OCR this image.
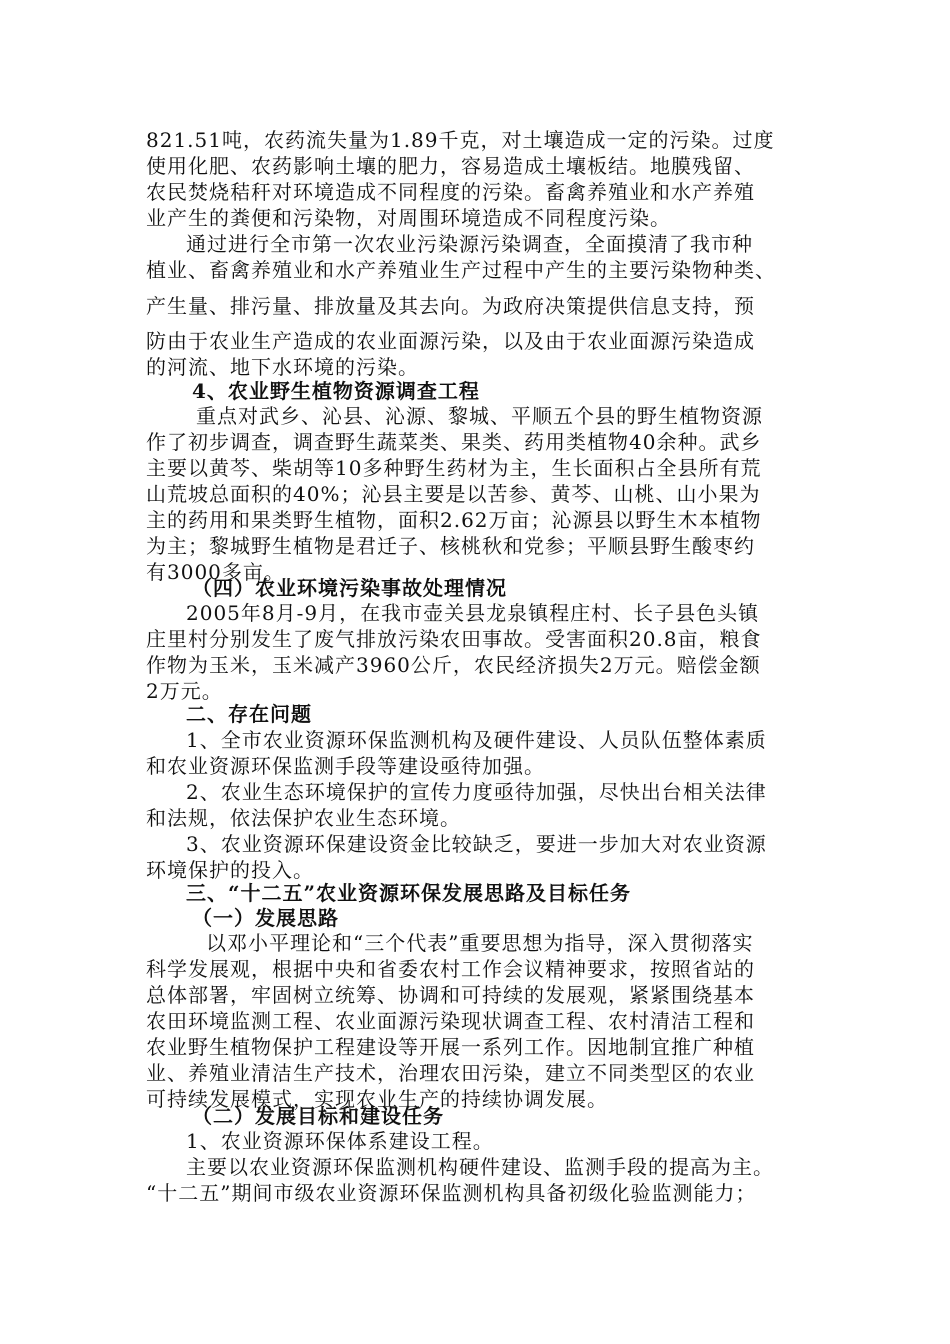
821.51吨，农药流失量为1.89千克，对土壤造成一定的污染。过度
使用化肥、农药影响土壤的肥力，容易造成土壤板结。地膜残留、
农民焚烧秸秆对环境造成不同程度的污染。畜禽养殖业和水产养殖
业产生的粪便和污染物，对周围环境造成不同程度污染。
通过进行全市第一次农业污染源污染调查，全面摸清了我市种
植业、畜禽养殖业和水产养殖业生产过程中产生的主要污染物种类、
产生量、排污量、排放量及其去向。为政府决策提供信息支持，预
防由于农业生产造成的农业面源污染，以及由于农业面源污染造成
的河流、地下水环境的污染。
4、农业野生植物资源调查工程
重点对武乡、沁县、沁源、黎城、平顺五个县的野生植物资源
作了初步调查，调查野生蔬菜类、果类、药用类植物40余种。武乡
主要以黄芩、柴胡等10多种野生药材为主，生长面积占全县所有荒
山荒坡总面积的40%；沁县主要是以苦参、黄芩、山桃、山小果为
主的药用和果类野生植物，面积2.62万亩；沁源县以野生木本植物
为主；黎城野生植物是君迁子、核桃秋和党参；平顺县野生酸枣约
有3000多亩。
（四）农业环境污染事故处理情况
2005年8月-9月，在我市壶关县龙泉镇程庄村、长子县色头镇
庄里村分别发生了废气排放污染农田事故。受害面积20.8亩，粮食
作物为玉米，玉米减产3960公斤，农民经济损失2万元。赔偿金额
2万元。
二、存在问题
1、全市农业资源环保监测机构及硬件建设、人员队伍整体素质
和农业资源环保监测手段等建设亟待加强。
2、农业生态环境保护的宣传力度亟待加强，尽快出台相关法律
和法规，依法保护农业生态环境。
3、农业资源环保建设资金比较缺乏，要进一步加大对农业资源
环境保护的投入。
三、“十二五”农业资源环保发展思路及目标任务
（一）发展思路
以邓小平理论和“三个代表”重要思想为指导，深入贯彻落实
科学发展观，根据中央和省委农村工作会议精神要求，按照省站的
总体部署，牢固树立统筹、协调和可持续的发展观，紧紧围绕基本
农田环境监测工程、农业面源污染现状调查工程、农村清洁工程和
农业野生植物保护工程建设等开展一系列工作。因地制宜推广种植
业、养殖业清洁生产技术，治理农田污染，建立不同类型区的农业
可持续发展模式，实现农业生产的持续协调发展。
（二）发展目标和建设任务
1、农业资源环保体系建设工程。
主要以农业资源环保监测机构硬件建设、监测手段的提高为主。
“十二五”期间市级农业资源环保监测机构具备初级化验监测能力；
